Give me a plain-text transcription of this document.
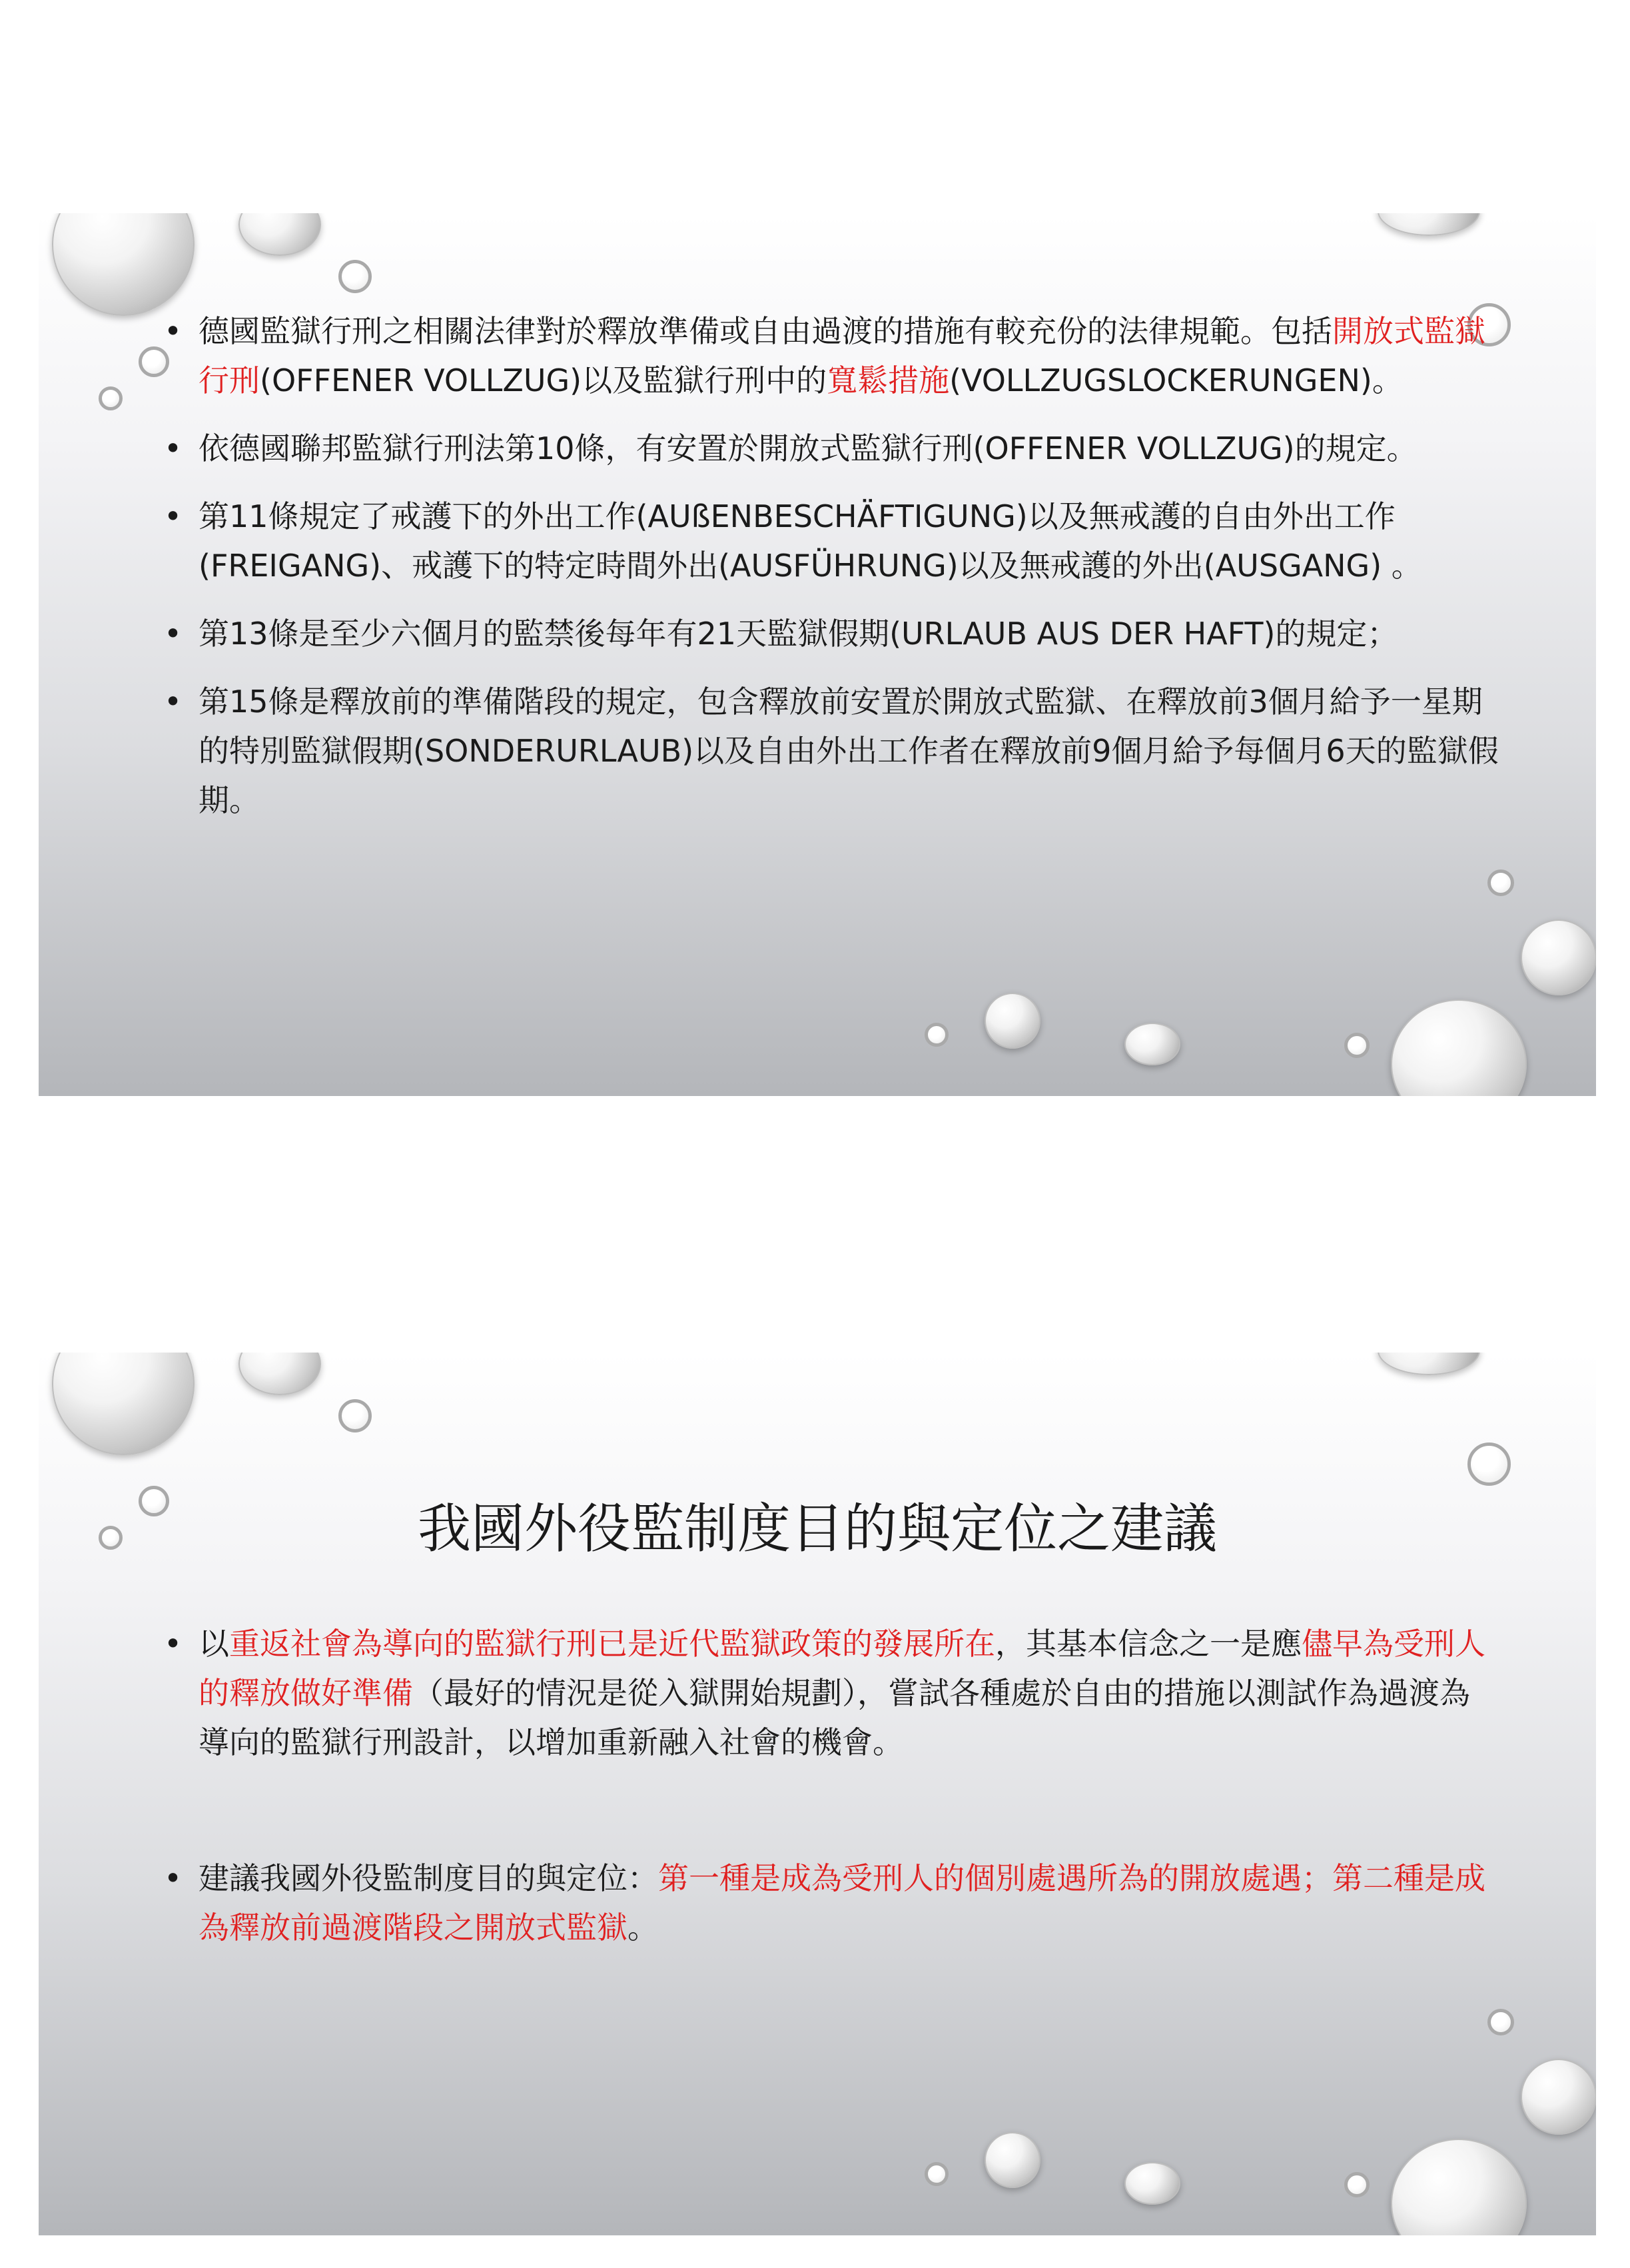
• 德國監獄行刑之相關法律對於釋放準備或自由過渡的措施有較充份的法律規範。包括開放式監獄行刑(OFFENER VOLLZUG)以及監獄行刑中的寬鬆措施(VOLLZUGSLOCKERUNGEN)。
• 依德國聯邦監獄行刑法第10條，有安置於開放式監獄行刑(OFFENER VOLLZUG)的規定。
• 第11條規定了戒護下的外出工作(AUßENBESCHÄFTIGUNG)以及無戒護的自由外出工作(FREIGANG)、戒護下的特定時間外出(AUSFÜHRUNG)以及無戒護的外出(AUSGANG) 。
• 第13條是至少六個月的監禁後每年有21天監獄假期(URLAUB AUS DER HAFT)的規定；
• 第15條是釋放前的準備階段的規定，包含釋放前安置於開放式監獄、在釋放前3個月給予一星期的特別監獄假期(SONDERURLAUB)以及自由外出工作者在釋放前9個月給予每個月6天的監獄假期。
我國外役監制度目的與定位之建議
• 以重返社會為導向的監獄行刑已是近代監獄政策的發展所在，其基本信念之一是應儘早為受刑人的釋放做好準備（最好的情況是從入獄開始規劃），嘗試各種處於自由的措施以測試作為過渡為導向的監獄行刑設計，以增加重新融入社會的機會。
• 建議我國外役監制度目的與定位：第一種是成為受刑人的個別處遇所為的開放處遇；第二種是成為釋放前過渡階段之開放式監獄。
